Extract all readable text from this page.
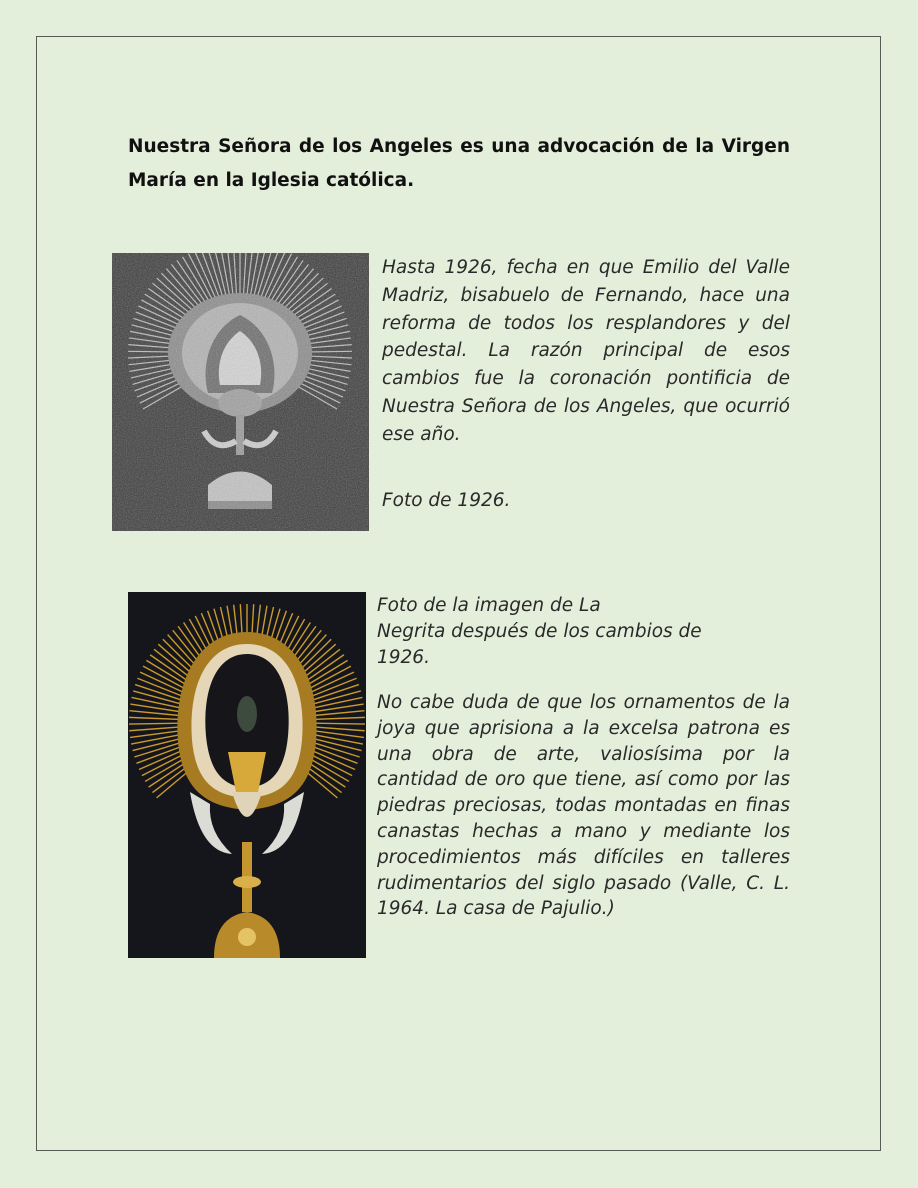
Nuestra Señora de los Angeles es una advocación de la Virgen María en la Iglesia católica.

Hasta 1926, fecha en que Emilio del Valle Madriz, bisabuelo de Fernando, hace una reforma de todos los resplandores y del pedestal. La razón principal de esos cambios fue la coronación pontificia de Nuestra Señora de los Angeles, que ocurrió ese año.

Foto de 1926.

Foto de la imagen de La
Negrita después de los cambios de
1926.

No cabe duda de que los ornamentos de la joya que aprisiona a la excelsa patrona es una obra de arte, valiosísima por la cantidad de oro que tiene, así como por las piedras preciosas, todas montadas en finas canastas hechas a mano y mediante los procedimientos más difíciles en talleres rudimentarios del siglo pasado (Valle, C. L. 1964. La casa de Pajulio.)
